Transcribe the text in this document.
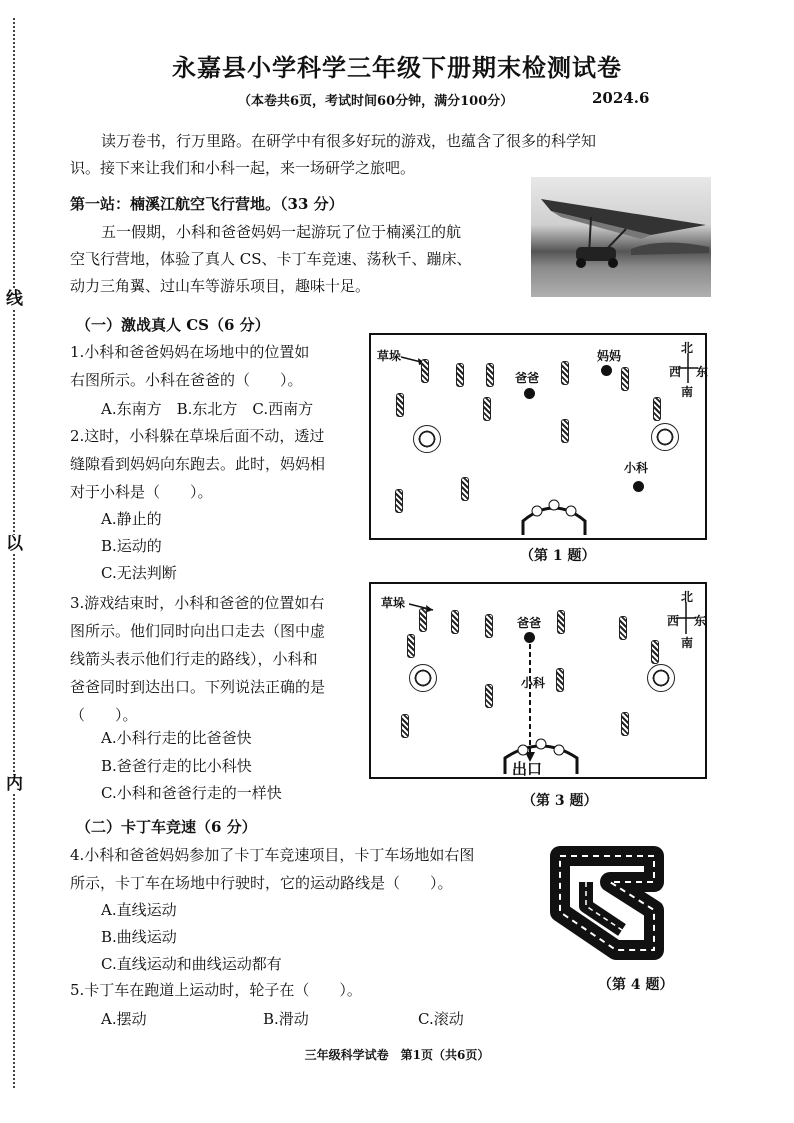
线
以
内
永嘉县小学科学三年级下册期末检测试卷
（本卷共6页，考试时间60分钟，满分100分）	2024.6
读万卷书，行万里路。在研学中有很多好玩的游戏，也蕴含了很多的科学知
识。接下来让我们和小科一起，来一场研学之旅吧。
第一站：楠溪江航空飞行营地。（33 分）
五一假期，小科和爸爸妈妈一起游玩了位于楠溪江的航
空飞行营地，体验了真人 CS、卡丁车竞速、荡秋千、蹦床、
动力三角翼、过山车等游乐项目，趣味十足。
（一）激战真人 CS（6 分）
1.小科和爸爸妈妈在场地中的位置如
右图所示。小科在爸爸的（　　）。
A.东南方　B.东北方　C.西南方
2.这时，小科躲在草垛后面不动，透过
缝隙看到妈妈向东跑去。此时，妈妈相
对于小科是（　　）。
A.静止的
B.运动的
C.无法判断
3.游戏结束时，小科和爸爸的位置如右
图所示。他们同时向出口走去（图中虚
线箭头表示他们行走的路线），小科和
爸爸同时到达出口。下列说法正确的是
（　　）。
A.小科行走的比爸爸快
B.爸爸行走的比小科快
C.小科和爸爸行走的一样快
草垛	妈妈
爸爸
小科
北
西 东
南
（第 1 题）
草垛
爸爸
小科
北
西 东
南
出口
（第 3 题）
（二）卡丁车竞速（6 分）
4.小科和爸爸妈妈参加了卡丁车竞速项目，卡丁车场地如右图
所示，卡丁车在场地中行驶时，它的运动路线是（　　）。
A.直线运动
B.曲线运动
C.直线运动和曲线运动都有
5.卡丁车在跑道上运动时，轮子在（　　）。
A.摆动	B.滑动	C.滚动
（第 4 题）
三年级科学试卷　第1页（共6页）
